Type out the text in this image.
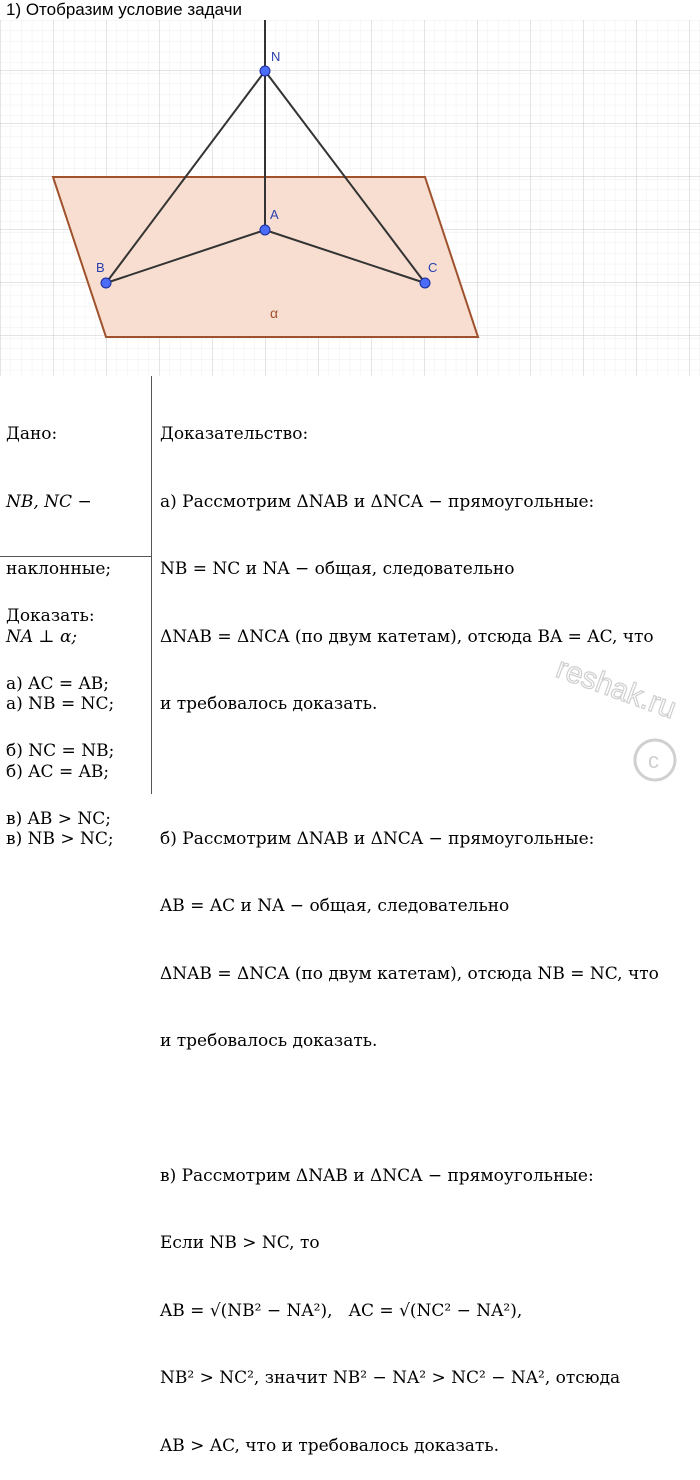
1) Отобразим условие задачи
N
A
B	C
α

Дано:

NB, NC −

наклонные;

NA ⊥ α;

а) NB = NC;

б) AC = AB;

в) NB > NC;

Доказать:

а) AC = AB;

б) NC = NB;

в) AB > NC;

Доказательство:

а) Рассмотрим ΔNAB и ΔNCA − прямоугольные:

NB = NC и NA − общая, следовательно

ΔNAB = ΔNCA (по двум катетам), отсюда BA = AC, что

и требовалось доказать.

б) Рассмотрим ΔNAB и ΔNCA − прямоугольные:

AB = AC и NA − общая, следовательно

ΔNAB = ΔNCA (по двум катетам), отсюда NB = NC, что

и требовалось доказать.

в) Рассмотрим ΔNAB и ΔNCA − прямоугольные:

Если NB > NC, то

AB = √(NB² − NA²),   AC = √(NC² − NA²),

NB² > NC², значит NB² − NA² > NC² − NA², отсюда

AB > AC, что и требовалось доказать.

c
reshak.ru
